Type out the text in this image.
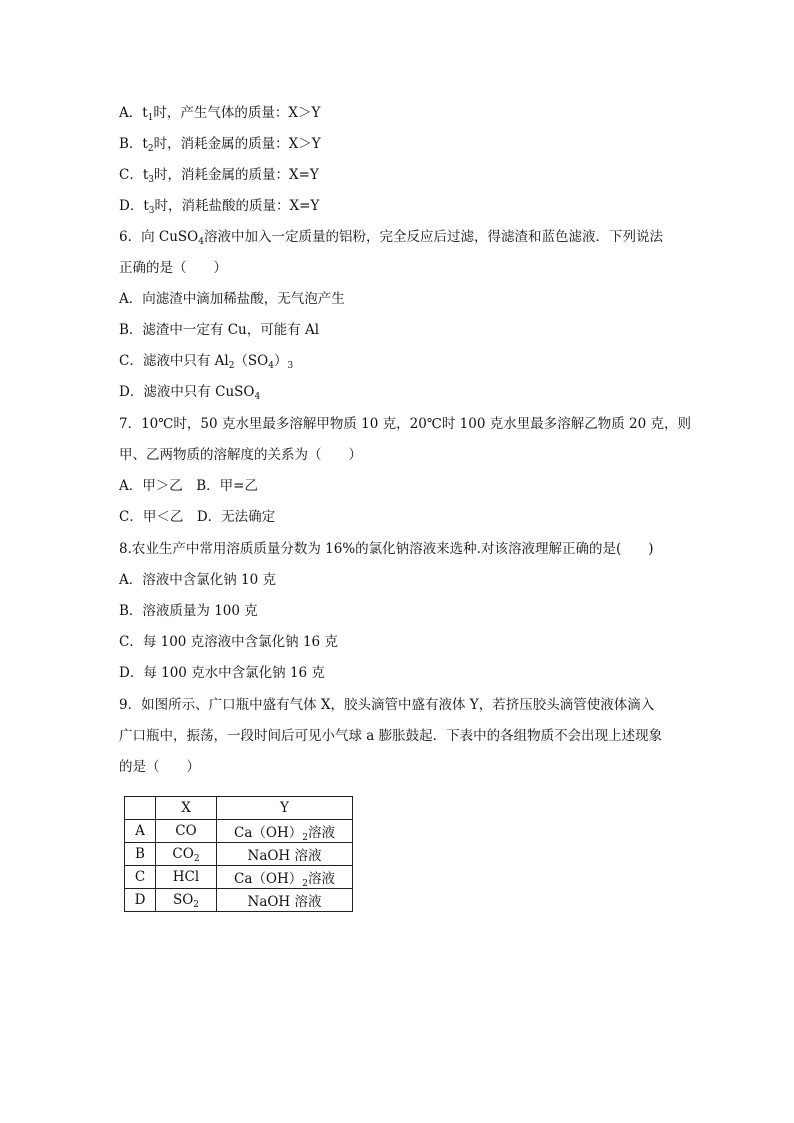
A．$t_1$时，产生气体的质量：X＞Y
B．$t_2$时，消耗金属的质量：X＞Y
C．$t_3$时，消耗金属的质量：X=Y
D．$t_3$时，消耗盐酸的质量：X=Y
6．向 CuSO$_4$溶液中加入一定质量的铝粉，完全反应后过滤，得滤渣和蓝色滤液．下列说法
正确的是（　　）
A．向滤渣中滴加稀盐酸，无气泡产生
B．滤渣中一定有 Cu，可能有 Al
C．滤液中只有 $Al_2(SO_4)_3$
D．滤液中只有 CuSO$_4$
7．10℃时，50 克水里最多溶解甲物质 10 克，20℃时 100 克水里最多溶解乙物质 20 克，则
甲、乙两物质的溶解度的关系为（　　）
A．甲＞乙　B．甲=乙
C．甲＜乙　D．无法确定
8.农业生产中常用溶质质量分数为 16%的氯化钠溶液来选种.对该溶液理解正确的是(　　)
A．溶液中含氯化钠 10 克
B．溶液质量为 100 克
C．每 100 克溶液中含氯化钠 16 克
D．每 100 克水中含氯化钠 16 克
9．如图所示、广口瓶中盛有气体 X，胶头滴管中盛有液体 Y，若挤压胶头滴管使液体滴入
广口瓶中，振荡，一段时间后可见小气球 a 膨胀鼓起．下表中的各组物质不会出现上述现象
的是（　　）
	X	Y
A	CO	$Ca(OH)_2$溶液
B	$CO_2$	NaOH 溶液
C	HCl	$Ca(OH)_2$溶液
D	$SO_2$	NaOH 溶液
